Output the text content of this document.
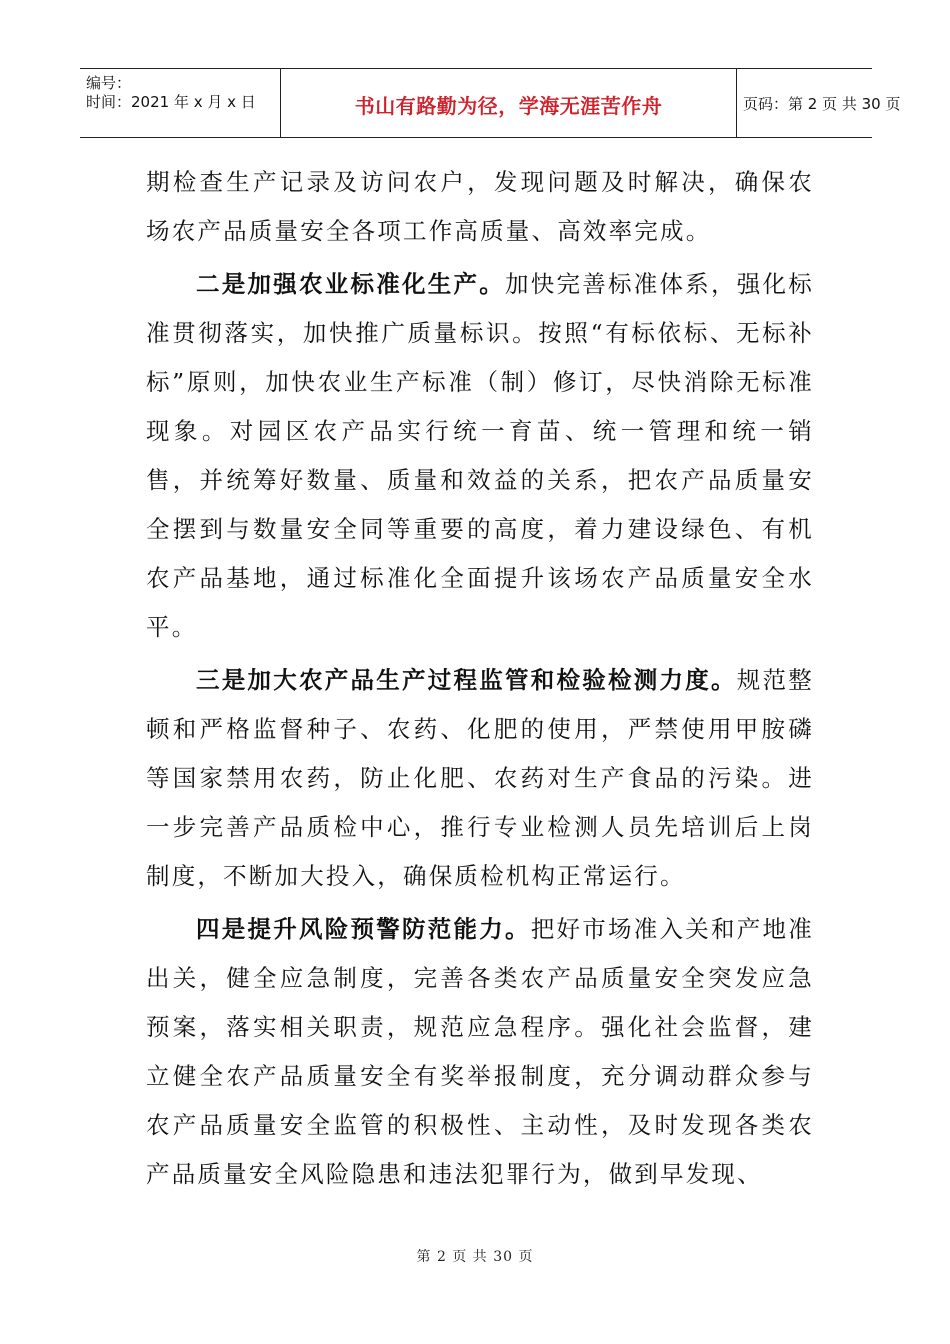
编号：
时间：2021 年 x 月 x 日	书山有路勤为径，学海无涯苦作舟	页码：第 2 页 共 30 页

期检查生产记录及访问农户，发现问题及时解决，确保农场农产品质量安全各项工作高质量、高效率完成。

二是加强农业标准化生产。加快完善标准体系，强化标准贯彻落实，加快推广质量标识。按照“有标依标、无标补标”原则，加快农业生产标准（制）修订，尽快消除无标准现象。对园区农产品实行统一育苗、统一管理和统一销售，并统筹好数量、质量和效益的关系，把农产品质量安全摆到与数量安全同等重要的高度，着力建设绿色、有机农产品基地，通过标准化全面提升该场农产品质量安全水平。

三是加大农产品生产过程监管和检验检测力度。规范整顿和严格监督种子、农药、化肥的使用，严禁使用甲胺磷等国家禁用农药，防止化肥、农药对生产食品的污染。进一步完善产品质检中心，推行专业检测人员先培训后上岗制度，不断加大投入，确保质检机构正常运行。

四是提升风险预警防范能力。把好市场准入关和产地准出关，健全应急制度，完善各类农产品质量安全突发应急预案，落实相关职责，规范应急程序。强化社会监督，建立健全农产品质量安全有奖举报制度，充分调动群众参与农产品质量安全监管的积极性、主动性，及时发现各类农产品质量安全风险隐患和违法犯罪行为，做到早发现、

第 2 页 共 30 页
